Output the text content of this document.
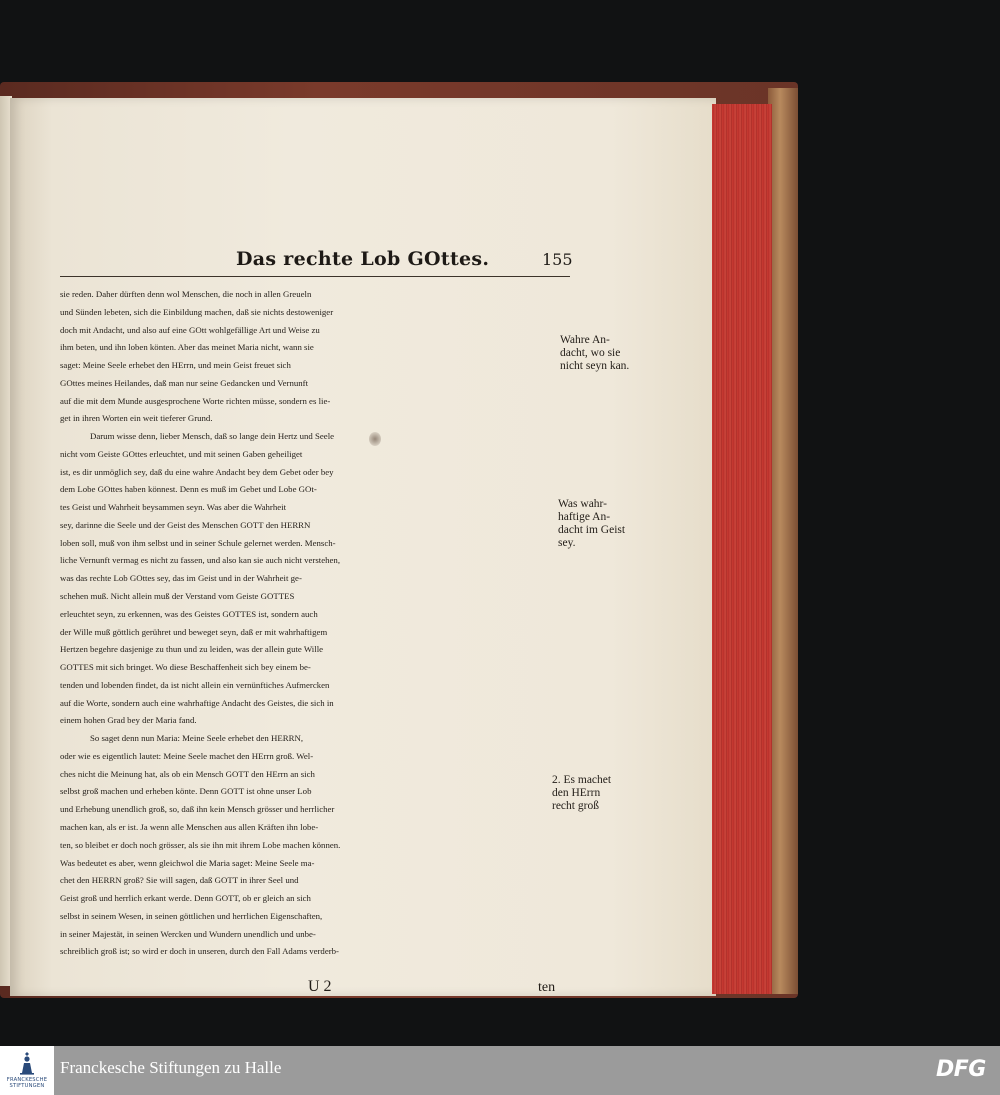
Das rechte Lob GOttes.	155
sie reden. Daher dürften denn wol Menschen, die noch in allen Greueln
und Sünden lebeten, sich die Einbildung machen, daß sie nichts destoweniger
doch mit Andacht, und also auf eine GOtt wohlgefällige Art und Weise zu
ihm beten, und ihn loben könten. Aber das meinet Maria nicht, wann sie
saget: Meine Seele erhebet den HErrn, und mein Geist freuet sich
GOttes meines Heilandes, daß man nur seine Gedancken und Vernunft
auf die mit dem Munde ausgesprochene Worte richten müsse, sondern es lie-
get in ihren Worten ein weit tieferer Grund.
Darum wisse denn, lieber Mensch, daß so lange dein Hertz und Seele
nicht vom Geiste GOttes erleuchtet, und mit seinen Gaben geheiliget
ist, es dir unmöglich sey, daß du eine wahre Andacht bey dem Gebet oder bey
dem Lobe GOttes haben könnest. Denn es muß im Gebet und Lobe GOt-
tes Geist und Wahrheit beysammen seyn. Was aber die Wahrheit
sey, darinne die Seele und der Geist des Menschen GOTT den HERRN
loben soll, muß von ihm selbst und in seiner Schule gelernet werden. Mensch-
liche Vernunft vermag es nicht zu fassen, und also kan sie auch nicht verstehen,
was das rechte Lob GOttes sey, das im Geist und in der Wahrheit ge-
schehen muß. Nicht allein muß der Verstand vom Geiste GOTTES
erleuchtet seyn, zu erkennen, was des Geistes GOTTES ist, sondern auch
der Wille muß göttlich gerühret und beweget seyn, daß er mit wahrhaftigem
Hertzen begehre dasjenige zu thun und zu leiden, was der allein gute Wille
GOTTES mit sich bringet. Wo diese Beschaffenheit sich bey einem be-
tenden und lobenden findet, da ist nicht allein ein vernünftiches Aufmercken
auf die Worte, sondern auch eine wahrhaftige Andacht des Geistes, die sich in
einem hohen Grad bey der Maria fand.
So saget denn nun Maria: Meine Seele erhebet den HERRN,
oder wie es eigentlich lautet: Meine Seele machet den HErrn groß. Wel-
ches nicht die Meinung hat, als ob ein Mensch GOTT den HErrn an sich
selbst groß machen und erheben könte. Denn GOTT ist ohne unser Lob
und Erhebung unendlich groß, so, daß ihn kein Mensch grösser und herrlicher
machen kan, als er ist. Ja wenn alle Menschen aus allen Kräften ihn lobe-
ten, so bleibet er doch noch grösser, als sie ihn mit ihrem Lobe machen können.
Was bedeutet es aber, wenn gleichwol die Maria saget: Meine Seele ma-
chet den HERRN groß? Sie will sagen, daß GOTT in ihrer Seel und
Geist groß und herrlich erkant werde. Denn GOTT, ob er gleich an sich
selbst in seinem Wesen, in seinen göttlichen und herrlichen Eigenschaften,
in seiner Majestät, in seinen Wercken und Wundern unendlich und unbe-
schreiblich groß ist; so wird er doch in unseren, durch den Fall Adams verderb-
Wahre An-
dacht, wo sie
nicht seyn kan.
Was wahr-
haftige An-
dacht im Geist
sey.
2. Es machet
den HErrn
recht groß
U 2	ten
FRANCKESCHE STIFTUNGEN
Franckesche Stiftungen zu Halle	DFG
